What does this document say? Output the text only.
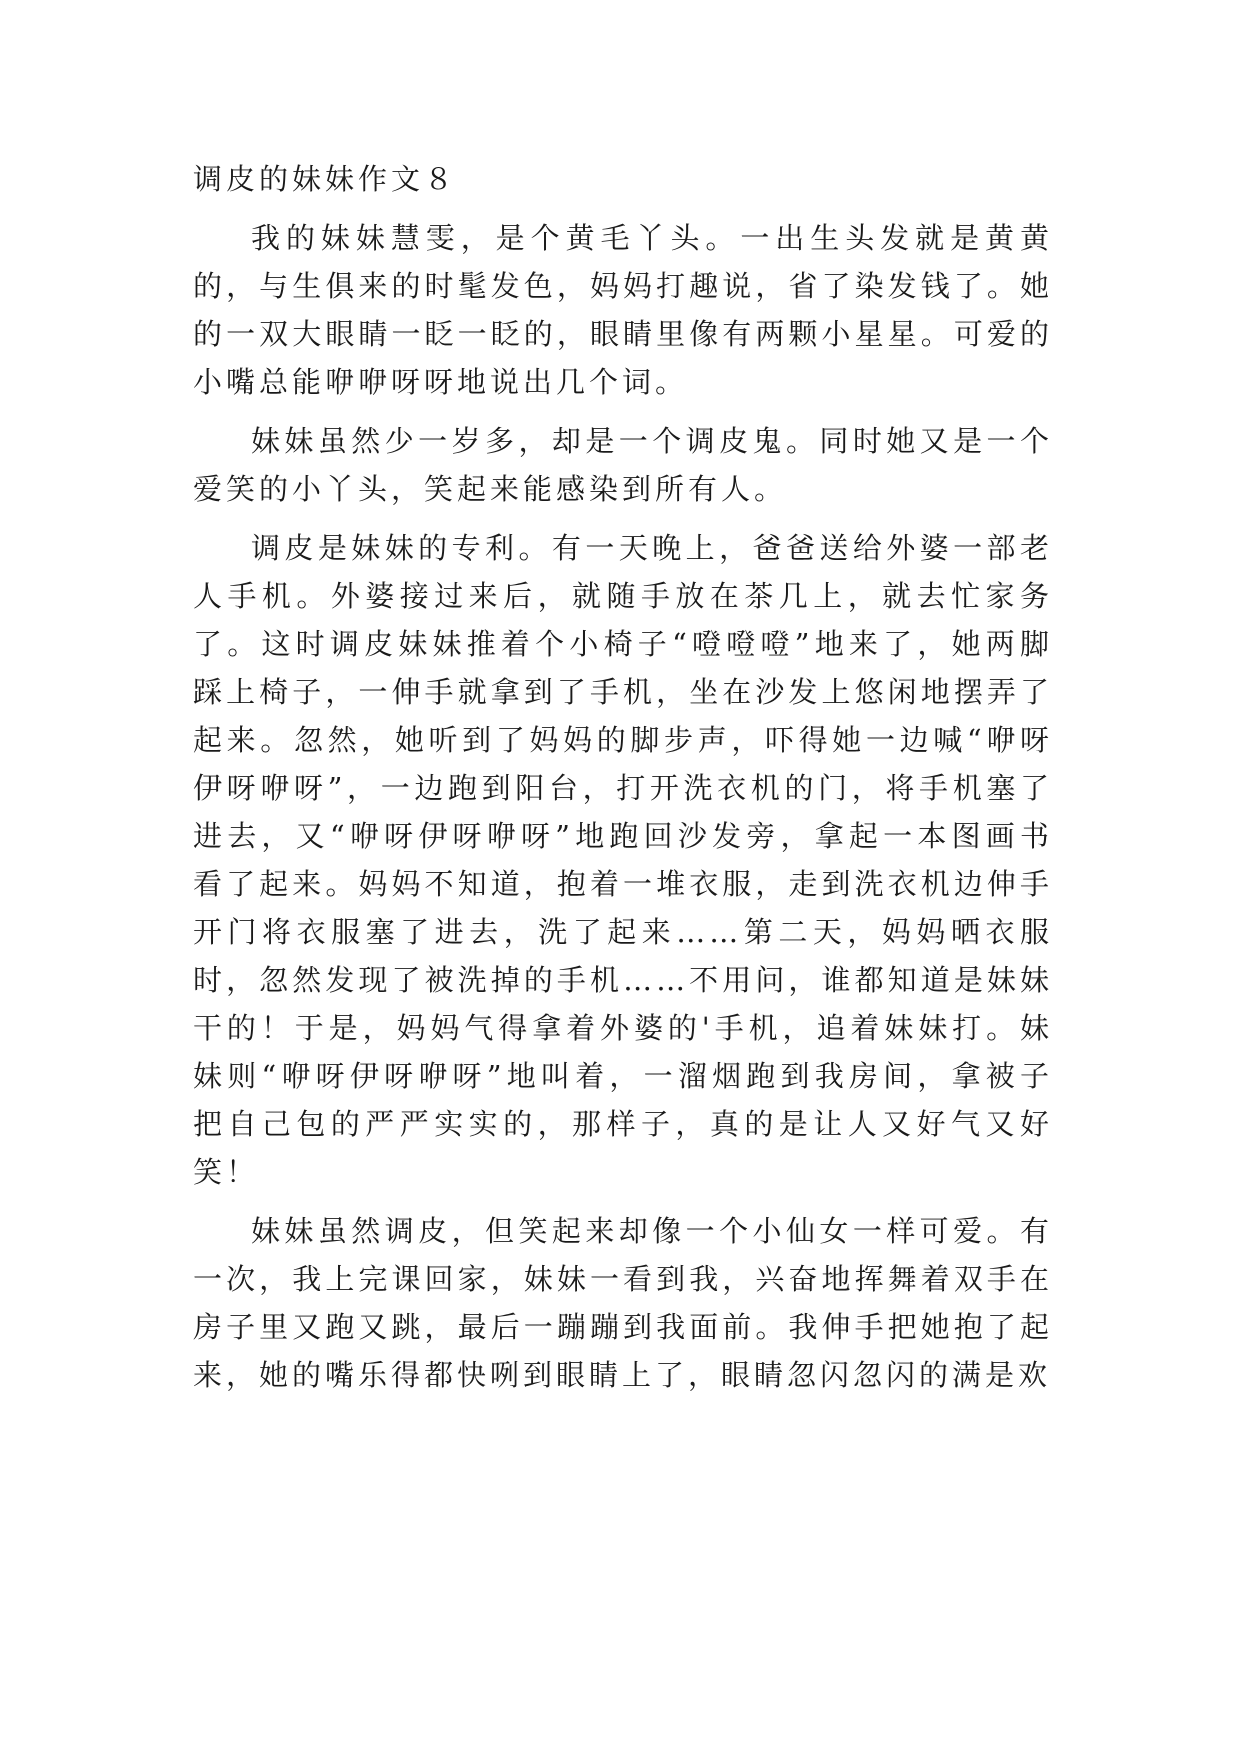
调皮的妹妹作文８

我的妹妹慧雯，是个黄毛丫头。一出生头发就是黄黄的，与生俱来的时髦发色，妈妈打趣说，省了染发钱了。她的一双大眼睛一眨一眨的，眼睛里像有两颗小星星。可爱的小嘴总能咿咿呀呀地说出几个词。

妹妹虽然少一岁多，却是一个调皮鬼。同时她又是一个爱笑的小丫头，笑起来能感染到所有人。

调皮是妹妹的专利。有一天晚上，爸爸送给外婆一部老人手机。外婆接过来后，就随手放在茶几上，就去忙家务了。这时调皮妹妹推着个小椅子“噔噔噔”地来了，她两脚踩上椅子，一伸手就拿到了手机，坐在沙发上悠闲地摆弄了起来。忽然，她听到了妈妈的脚步声，吓得她一边喊“咿呀伊呀咿呀”，一边跑到阳台，打开洗衣机的门，将手机塞了进去，又“咿呀伊呀咿呀”地跑回沙发旁，拿起一本图画书看了起来。妈妈不知道，抱着一堆衣服，走到洗衣机边伸手开门将衣服塞了进去，洗了起来……第二天，妈妈晒衣服时，忽然发现了被洗掉的手机……不用问，谁都知道是妹妹干的！于是，妈妈气得拿着外婆的'手机，追着妹妹打。妹妹则“咿呀伊呀咿呀”地叫着，一溜烟跑到我房间，拿被子把自己包的严严实实的，那样子，真的是让人又好气又好笑！

妹妹虽然调皮，但笑起来却像一个小仙女一样可爱。有一次，我上完课回家，妹妹一看到我，兴奋地挥舞着双手在房子里又跑又跳，最后一蹦蹦到我面前。我伸手把她抱了起来，她的嘴乐得都快咧到眼睛上了，眼睛忽闪忽闪的满是欢
